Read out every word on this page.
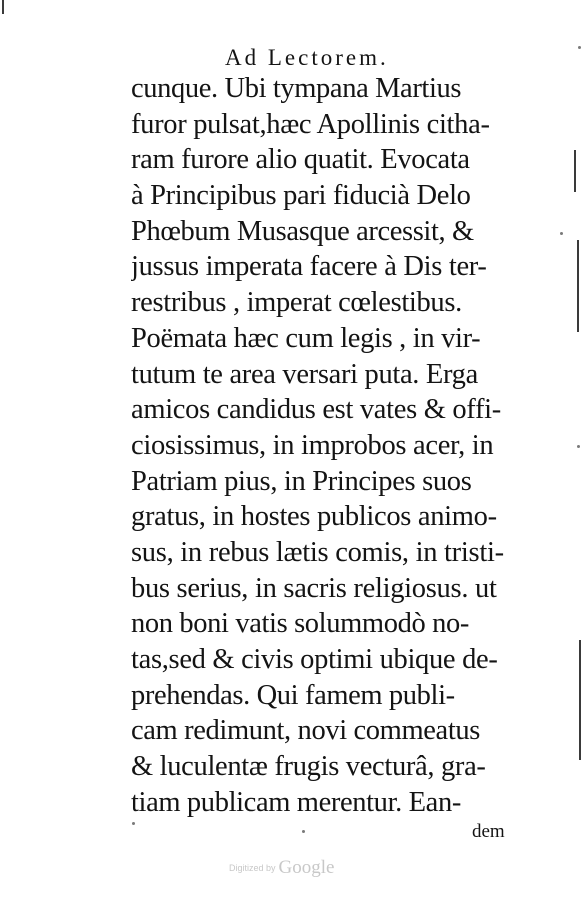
Ad Lectorem.
cunque. Ubi tympana Martius
furor pulsat,hæc Apollinis cithа-
ram furore alio quatit. Evocata
à Principibus pari fiducià Delo
Phœbum Musasque arcessit, &
jussus imperata facere à Dis ter-
restribus , imperat cœlestibus.
Poëmata hæc cum legis , in vir-
tutum te area versari puta. Erga
amicos candidus est vates & offi-
ciosissimus, in improbos acer, in
Patriam pius, in Principes suos
gratus, in hostes publicos animo-
sus, in rebus lætis comis, in tristi-
bus serius, in sacris religiosus. ut
non boni vatis solummodò no-
tas,sed & civis optimi ubique de-
prehendas. Qui famem publi-
cam redimunt, novi commeatus
& luculentæ frugis vecturâ, gra-
tiam publicam merentur. Ean-
dem
Digitized by Google
